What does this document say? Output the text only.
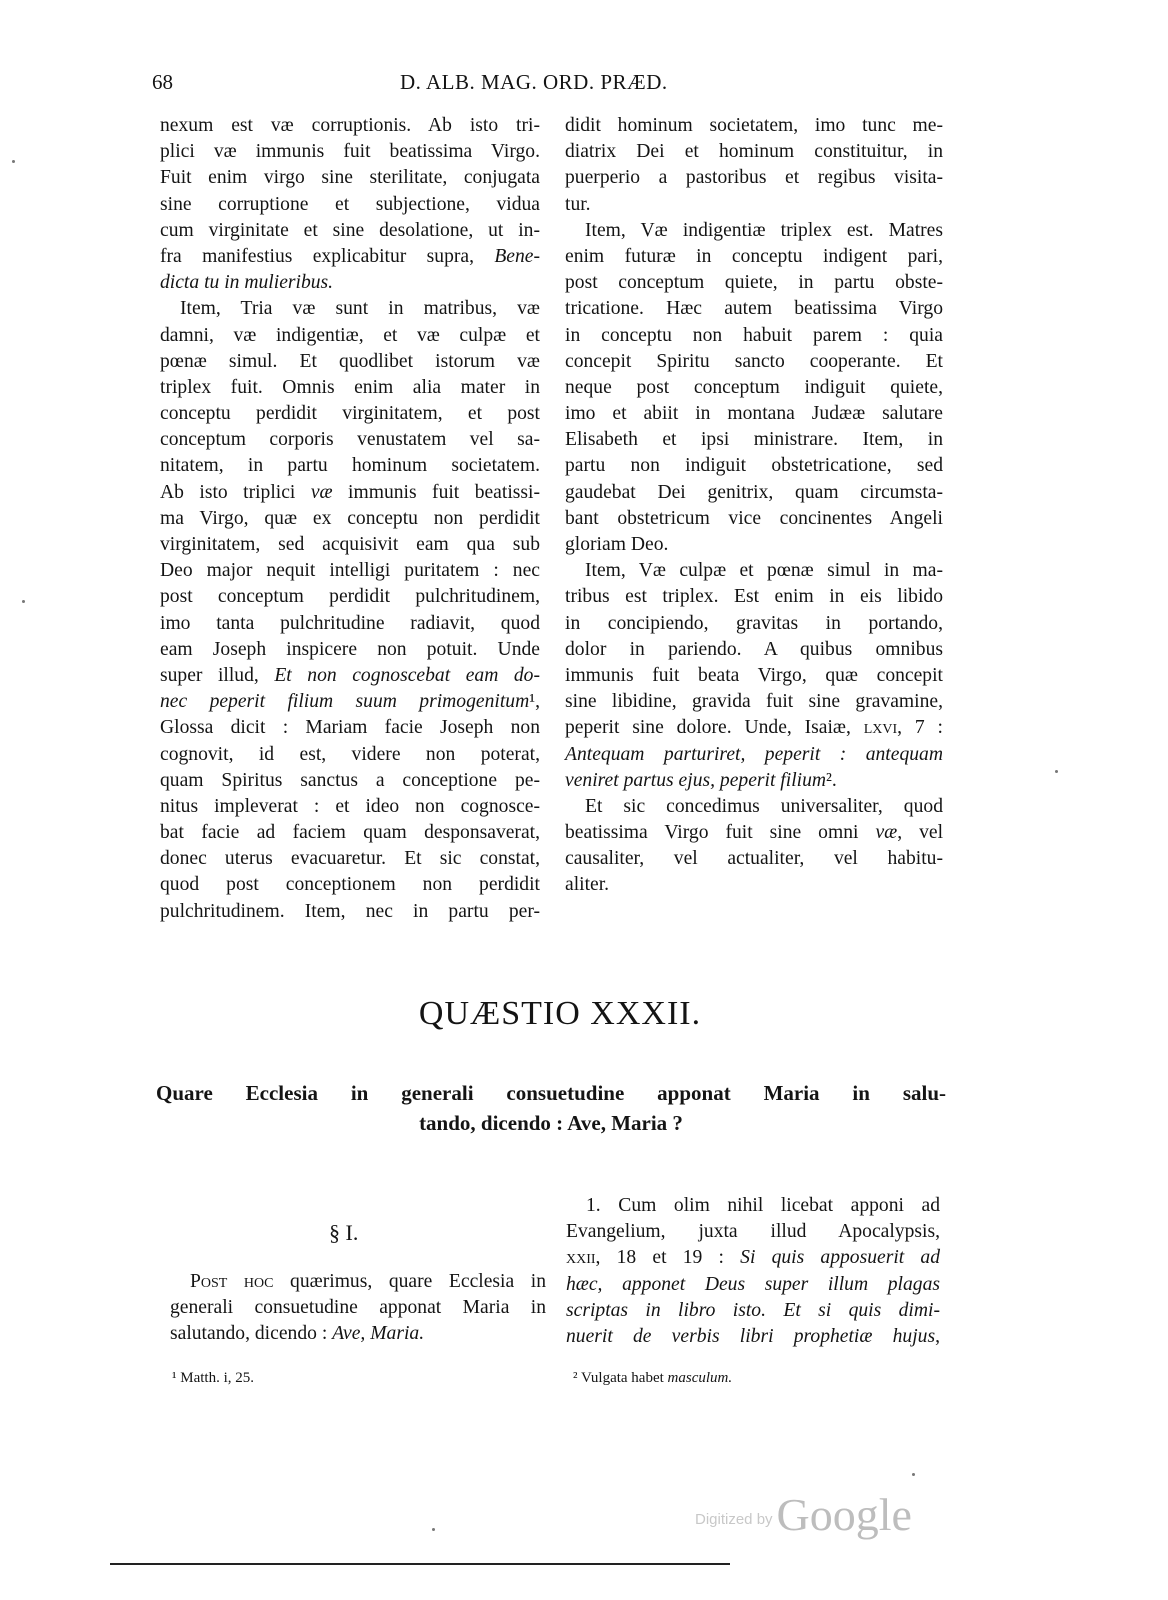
68	D. ALB. MAG. ORD. PRÆD.
nexum est væ corruptionis. Ab isto tri-
plici væ immunis fuit beatissima Virgo.
Fuit enim virgo sine sterilitate, conjugata
sine corruptione et subjectione, vidua
cum virginitate et sine desolatione, ut in-
fra manifestius explicabitur supra, Bene-
dicta tu in mulieribus.
Item, Tria væ sunt in matribus, væ
damni, væ indigentiæ, et væ culpæ et
pœnæ simul. Et quodlibet istorum væ
triplex fuit. Omnis enim alia mater in
conceptu perdidit virginitatem, et post
conceptum corporis venustatem vel sa-
nitatem, in partu hominum societatem.
Ab isto triplici væ immunis fuit beatissi-
ma Virgo, quæ ex conceptu non perdidit
virginitatem, sed acquisivit eam qua sub
Deo major nequit intelligi puritatem : nec
post conceptum perdidit pulchritudinem,
imo tanta pulchritudine radiavit, quod
eam Joseph inspicere non potuit. Unde
super illud, Et non cognoscebat eam do-
nec peperit filium suum primogenitum¹,
Glossa dicit : Mariam facie Joseph non
cognovit, id est, videre non poterat,
quam Spiritus sanctus a conceptione pe-
nitus impleverat : et ideo non cognosce-
bat facie ad faciem quam desponsaverat,
donec uterus evacuaretur. Et sic constat,
quod post conceptionem non perdidit
pulchritudinem. Item, nec in partu per-
didit hominum societatem, imo tunc me-
diatrix Dei et hominum constituitur, in
puerperio a pastoribus et regibus visita-
tur.
Item, Væ indigentiæ triplex est. Matres
enim futuræ in conceptu indigent pari,
post conceptum quiete, in partu obste-
tricatione. Hæc autem beatissima Virgo
in conceptu non habuit parem : quia
concepit Spiritu sancto cooperante. Et
neque post conceptum indiguit quiete,
imo et abiit in montana Judææ salutare
Elisabeth et ipsi ministrare. Item, in
partu non indiguit obstetricatione, sed
gaudebat Dei genitrix, quam circumsta-
bant obstetricum vice concinentes Angeli
gloriam Deo.
Item, Væ culpæ et pœnæ simul in ma-
tribus est triplex. Est enim in eis libido
in concipiendo, gravitas in portando,
dolor in pariendo. A quibus omnibus
immunis fuit beata Virgo, quæ concepit
sine libidine, gravida fuit sine gravamine,
peperit sine dolore. Unde, Isaiæ, lxvi, 7 :
Antequam parturiret, peperit : antequam
veniret partus ejus, peperit filium².
Et sic concedimus universaliter, quod
beatissima Virgo fuit sine omni væ, vel
causaliter, vel actualiter, vel habitu-
aliter.
QUÆSTIO XXXII.
Quare Ecclesia in generali consuetudine apponat Maria in salu-
tando, dicendo : Ave, Maria ?
§ I.
Post hoc quærimus, quare Ecclesia in
generali consuetudine apponat Maria in
salutando, dicendo : Ave, Maria.
1. Cum olim nihil licebat apponi ad
Evangelium, juxta illud Apocalypsis,
xxii, 18 et 19 : Si quis apposuerit ad
hæc, apponet Deus super illum plagas
scriptas in libro isto. Et si quis dimi-
nuerit de verbis libri prophetiæ hujus,
¹ Matth. i, 25.	² Vulgata habet masculum.
Digitized by Google
